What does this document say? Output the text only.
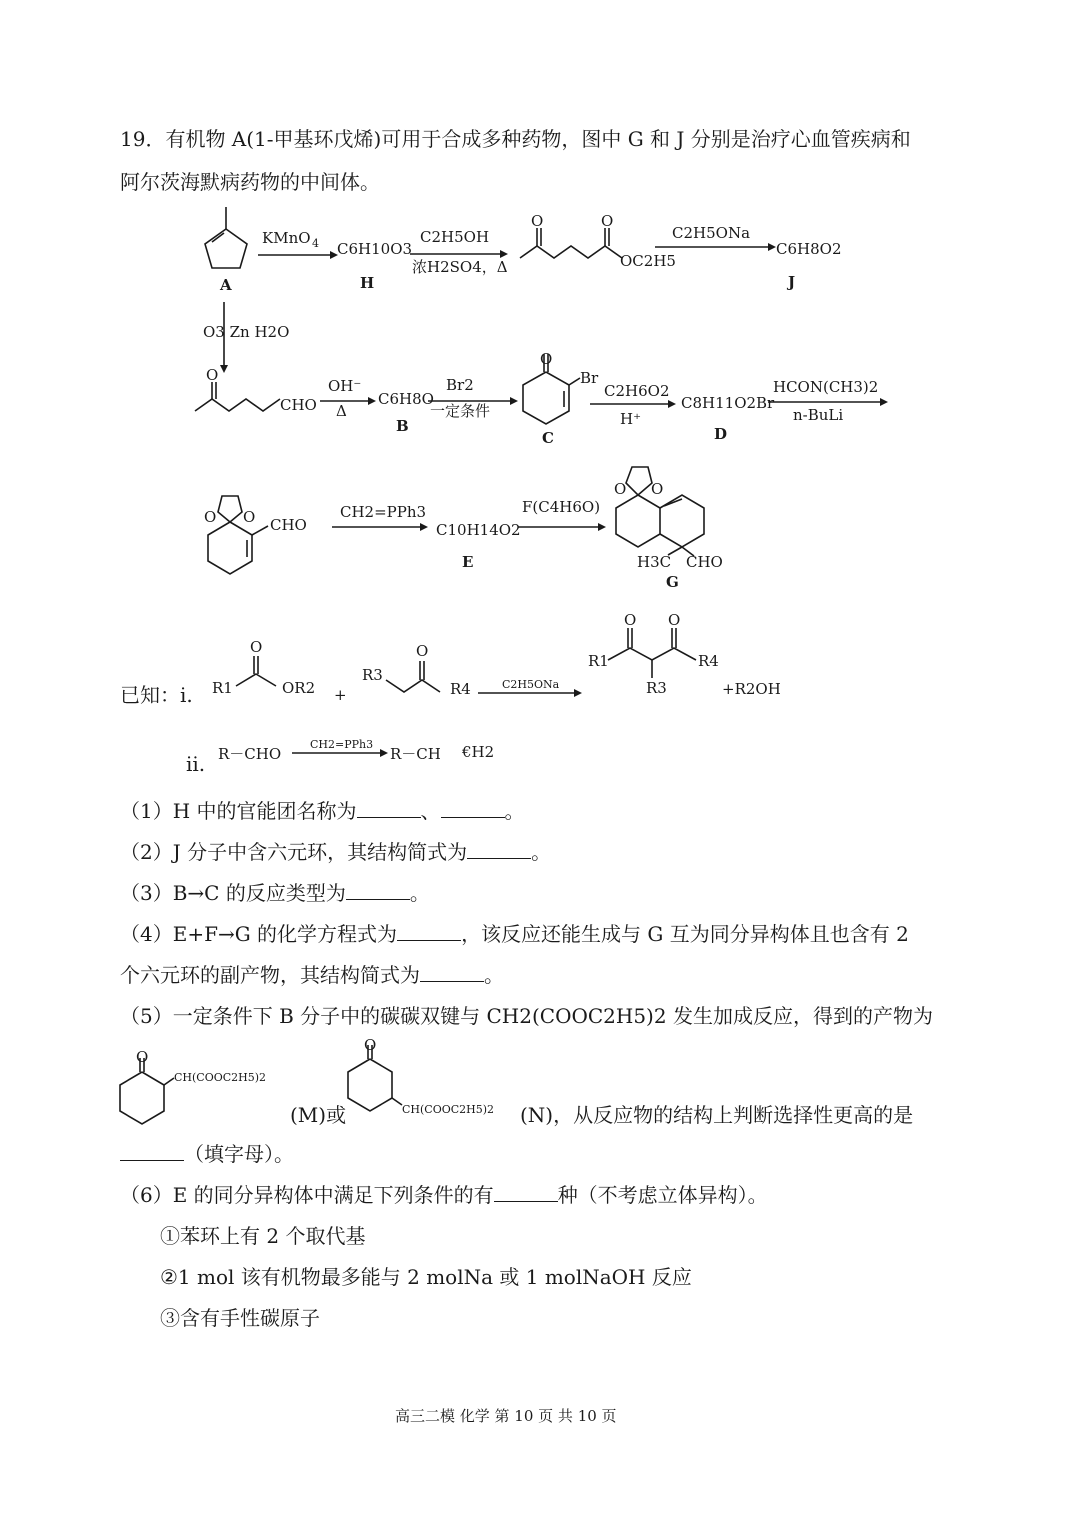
19．有机物 A(1-甲基环戊烯)可用于合成多种药物，图中 G 和 J 分别是治疗心血管疾病和
阿尔茨海默病药物的中间体。
A
KMnO 4 C6H10O3
H
C2H5OH
浓H2SO4，Δ
O	O
OC2H5
C2H5ONa
C6H8O2
J
O3 Zn H2O
O
CHO
OH⁻
Δ
C6H8O
B
Br2
一定条件
O
Br
C
C2H6O2
H⁺
C8H11O2Br
D
HCON(CH3)2
n-BuLi
O O CHO
CH2=PPh3
C10H14O2
E
F(C4H6O)
O O
H3C CHO
G
O
R1	OR2 +
O
R3
R4	C2H5ONa
O O
R1	R4
R3	+R2OH
CH2=PPh3
O
O
已知：i.
ii. R－CHO	R－CH €H2
（1）H 中的官能团名称为	、	。
（2）J 分子中含六元环，其结构简式为	。
（3）B→C 的反应类型为	。
（4）E+F→G 的化学方程式为	，该反应还能生成与 G 互为同分异构体且也含有 2
个六元环的副产物，其结构简式为	。
（5）一定条件下 B 分子中的碳碳双键与 CH2(COOC2H5)2 发生加成反应，得到的产物为
CH(COOC2H5)2
(M)或	CH(COOC2H5)2 (N)，从反应物的结构上判断选择性更高的是
（填字母）。
（6）E 的同分异构体中满足下列条件的有	种（不考虑立体异构）。
①苯环上有 2 个取代基
②1 mol 该有机物最多能与 2 molNa 或 1 molNaOH 反应
③含有手性碳原子
高三二模 化学 第 10 页 共 10 页
